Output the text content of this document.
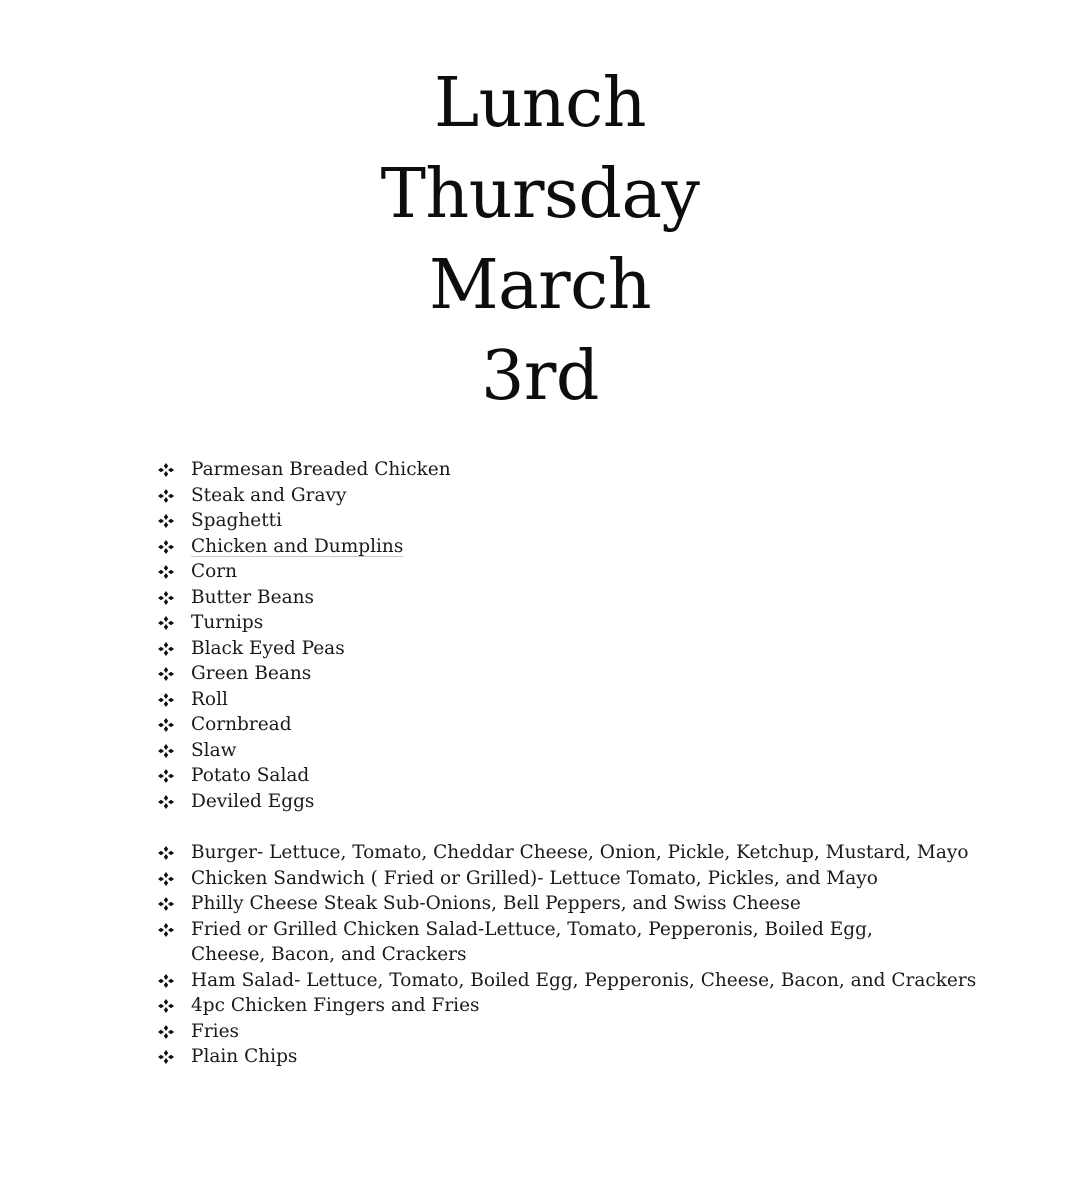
Lunch
Thursday
March
3rd
Parmesan Breaded Chicken
Steak and Gravy
Spaghetti
Chicken and Dumplins
Corn
Butter Beans
Turnips
Black Eyed Peas
Green Beans
Roll
Cornbread
Slaw
Potato Salad
Deviled Eggs
Burger- Lettuce, Tomato, Cheddar Cheese, Onion, Pickle, Ketchup, Mustard, Mayo
Chicken Sandwich ( Fried or Grilled)- Lettuce Tomato, Pickles, and Mayo
Philly Cheese Steak Sub-Onions, Bell Peppers, and Swiss Cheese
Fried or Grilled Chicken Salad-Lettuce, Tomato, Pepperonis, Boiled Egg, Cheese, Bacon, and Crackers
Ham Salad- Lettuce, Tomato, Boiled Egg, Pepperonis, Cheese, Bacon, and Crackers
4pc Chicken Fingers and Fries
Fries
Plain Chips
